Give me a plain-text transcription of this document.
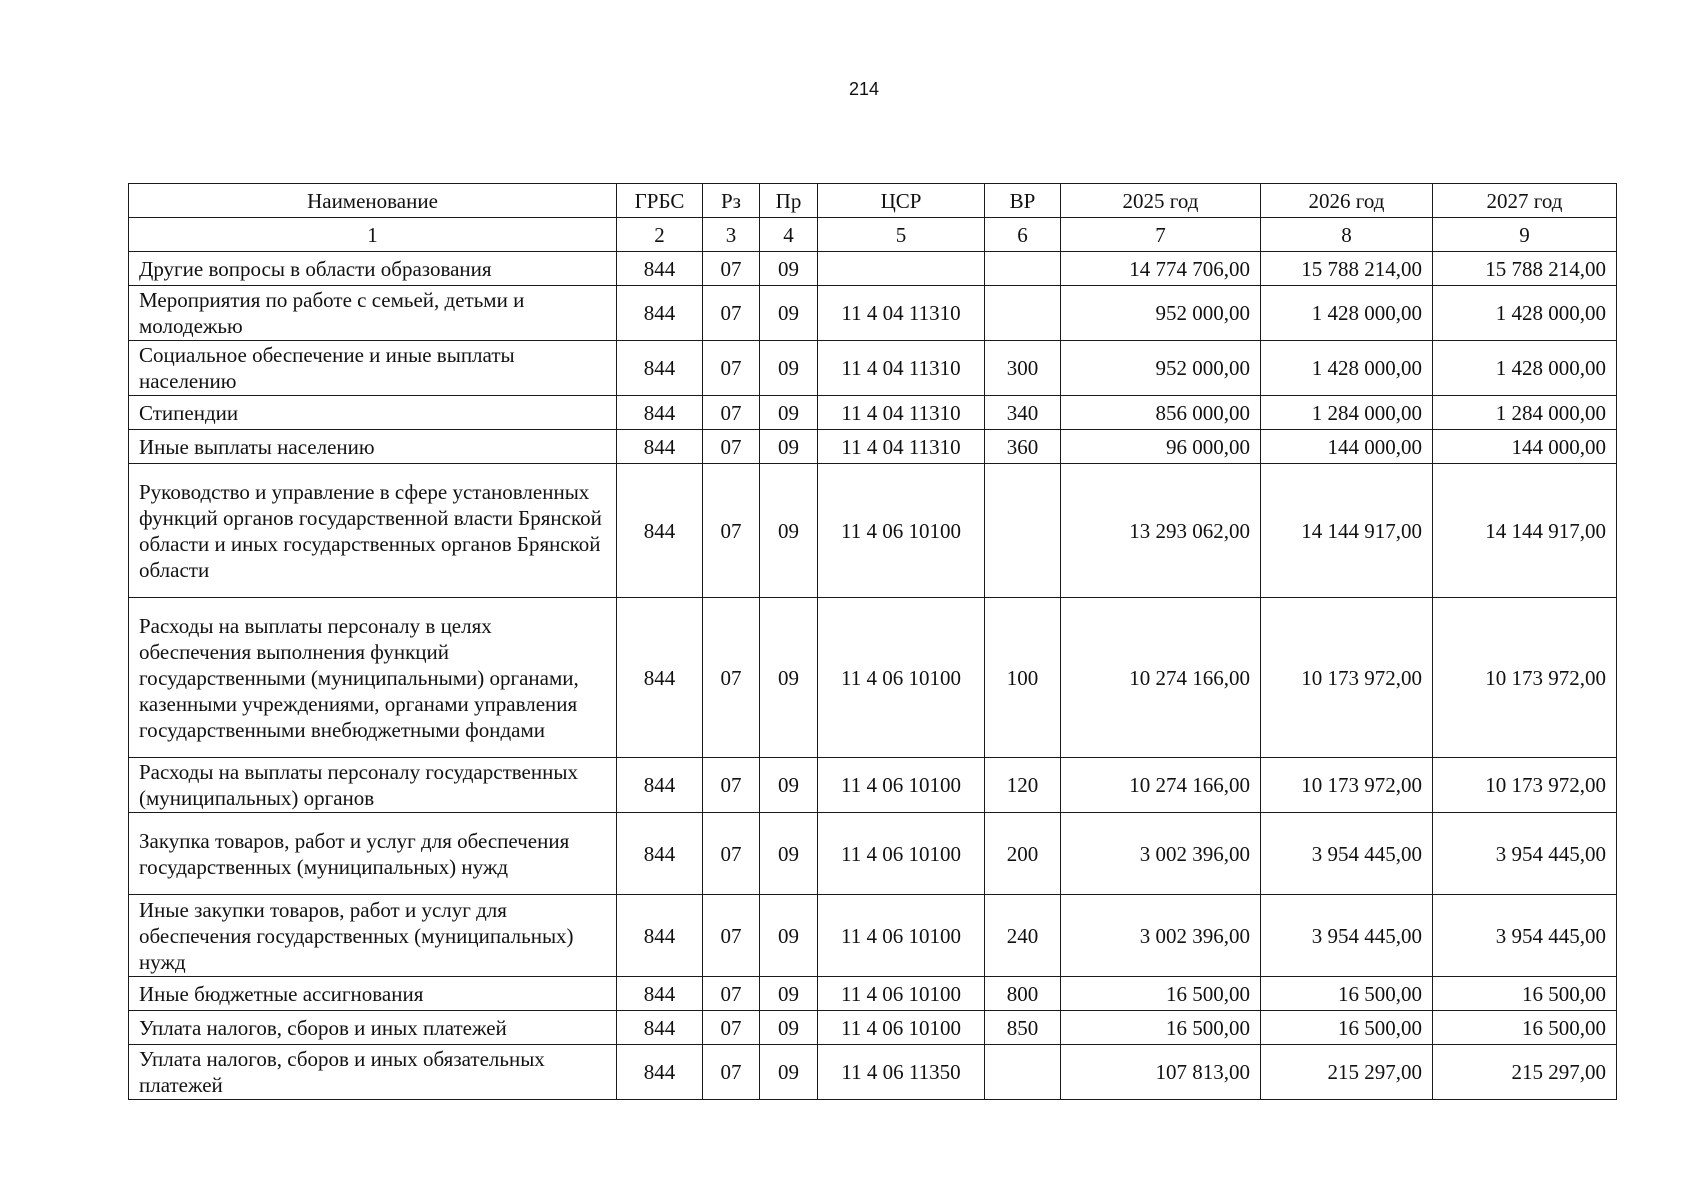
214
Наименование	ГРБС	Рз	Пр	ЦСР	ВР	2025 год	2026 год	2027 год
1	2	3	4	5	6	7	8	9
Другие вопросы в области образования	844	07	09			14 774 706,00	15 788 214,00	15 788 214,00
Мероприятия по работе с семьей, детьми и молодежью	844	07	09	11 4 04 11310		952 000,00	1 428 000,00	1 428 000,00
Социальное обеспечение и иные выплаты населению	844	07	09	11 4 04 11310	300	952 000,00	1 428 000,00	1 428 000,00
Стипендии	844	07	09	11 4 04 11310	340	856 000,00	1 284 000,00	1 284 000,00
Иные выплаты населению	844	07	09	11 4 04 11310	360	96 000,00	144 000,00	144 000,00
Руководство и управление в сфере установленных функций органов государственной власти Брянской области и иных государственных органов Брянской области	844	07	09	11 4 06 10100		13 293 062,00	14 144 917,00	14 144 917,00
Расходы на выплаты персоналу в целях обеспечения выполнения функций государственными (муниципальными) органами, казенными учреждениями, органами управления государственными внебюджетными фондами	844	07	09	11 4 06 10100	100	10 274 166,00	10 173 972,00	10 173 972,00
Расходы на выплаты персоналу государственных (муниципальных) органов	844	07	09	11 4 06 10100	120	10 274 166,00	10 173 972,00	10 173 972,00
Закупка товаров, работ и услуг для обеспечения государственных (муниципальных) нужд	844	07	09	11 4 06 10100	200	3 002 396,00	3 954 445,00	3 954 445,00
Иные закупки товаров, работ и услуг для обеспечения государственных (муниципальных) нужд	844	07	09	11 4 06 10100	240	3 002 396,00	3 954 445,00	3 954 445,00
Иные бюджетные ассигнования	844	07	09	11 4 06 10100	800	16 500,00	16 500,00	16 500,00
Уплата налогов, сборов и иных платежей	844	07	09	11 4 06 10100	850	16 500,00	16 500,00	16 500,00
Уплата налогов, сборов и иных обязательных платежей	844	07	09	11 4 06 11350		107 813,00	215 297,00	215 297,00
